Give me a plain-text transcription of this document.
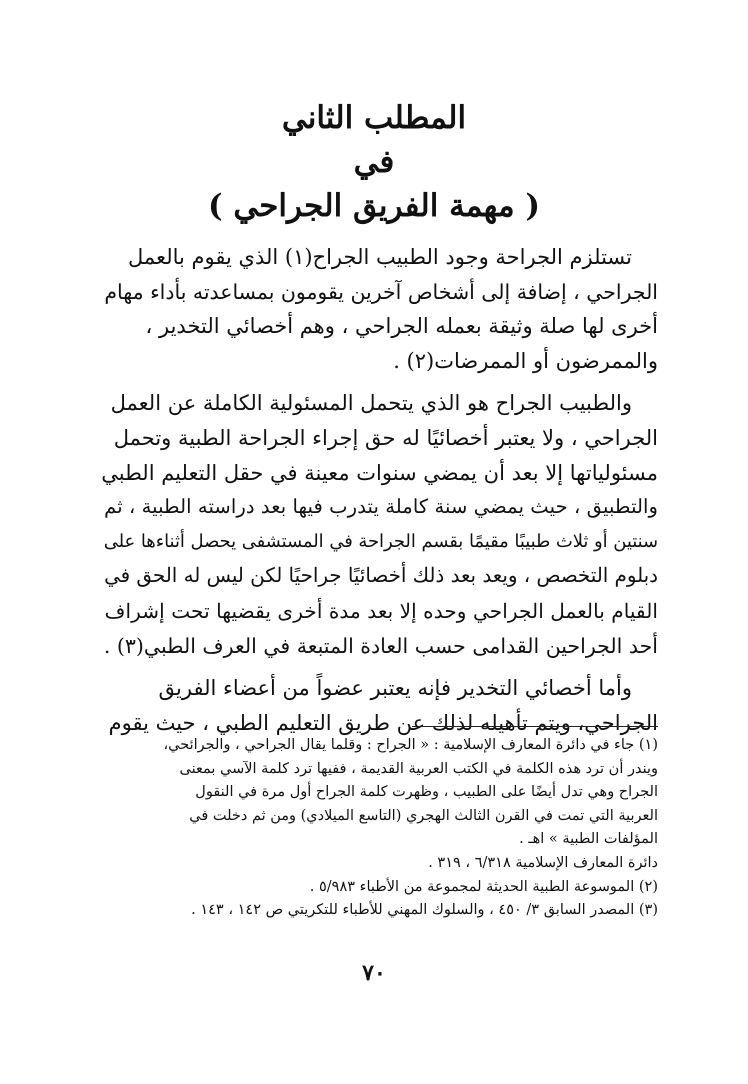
المطلب الثاني

في

( مهمة الفريق الجراحي )

تستلزم الجراحة وجود الطبيب الجراح(١) الذي يقوم بالعمل
الجراحي ، إضافة إلى أشخاص آخرين يقومون بمساعدته بأداء مهام
أخرى لها صلة وثيقة بعمله الجراحي ، وهم أخصائي التخدير ،
والممرضون أو الممرضات(٢) .

والطبيب الجراح هو الذي يتحمل المسئولية الكاملة عن العمل
الجراحي ، ولا يعتبر أخصائيًا له حق إجراء الجراحة الطبية وتحمل
مسئولياتها إلا بعد أن يمضي سنوات معينة في حقل التعليم الطبي
والتطبيق ، حيث يمضي سنة كاملة يتدرب فيها بعد دراسته الطبية ، ثم
سنتين أو ثلاث طبيبًا مقيمًا بقسم الجراحة في المستشفى يحصل أثناءها على
دبلوم التخصص ، ويعد بعد ذلك أخصائيًا جراحيًا لكن ليس له الحق في
القيام بالعمل الجراحي وحده إلا بعد مدة أخرى يقضيها تحت إشراف
أحد الجراحين القدامى حسب العادة المتبعة في العرف الطبي(٣) .

وأما أخصائي التخدير فإنه يعتبر عضواً من أعضاء الفريق
الجراحي، ويتم تأهيله لذلك عن طريق التعليم الطبي ، حيث يقوم

(١) جاء في دائرة المعارف الإسلامية : « الجراح : وقلما يقال الجراحي ، والجرائحي،
ويندر أن ترد هذه الكلمة في الكتب العربية القديمة ، ففيها ترد كلمة الآسي بمعنى
الجراح وهي تدل أيضًا على الطبيب ، وظهرت كلمة الجراح أول مرة في النقول
العربية التي تمت في القرن الثالث الهجري (التاسع الميلادي) ومن ثم دخلت في
المؤلفات الطبية » اهـ .
دائرة المعارف الإسلامية ٦/٣١٨ ، ٣١٩ .

(٢) الموسوعة الطبية الحديثة لمجموعة من الأطباء ٥/٩٨٣ .

(٣) المصدر السابق ٣/ ٤٥٠ ، والسلوك المهني للأطباء للتكريتي ص ١٤٢ ، ١٤٣ .

٧٠
